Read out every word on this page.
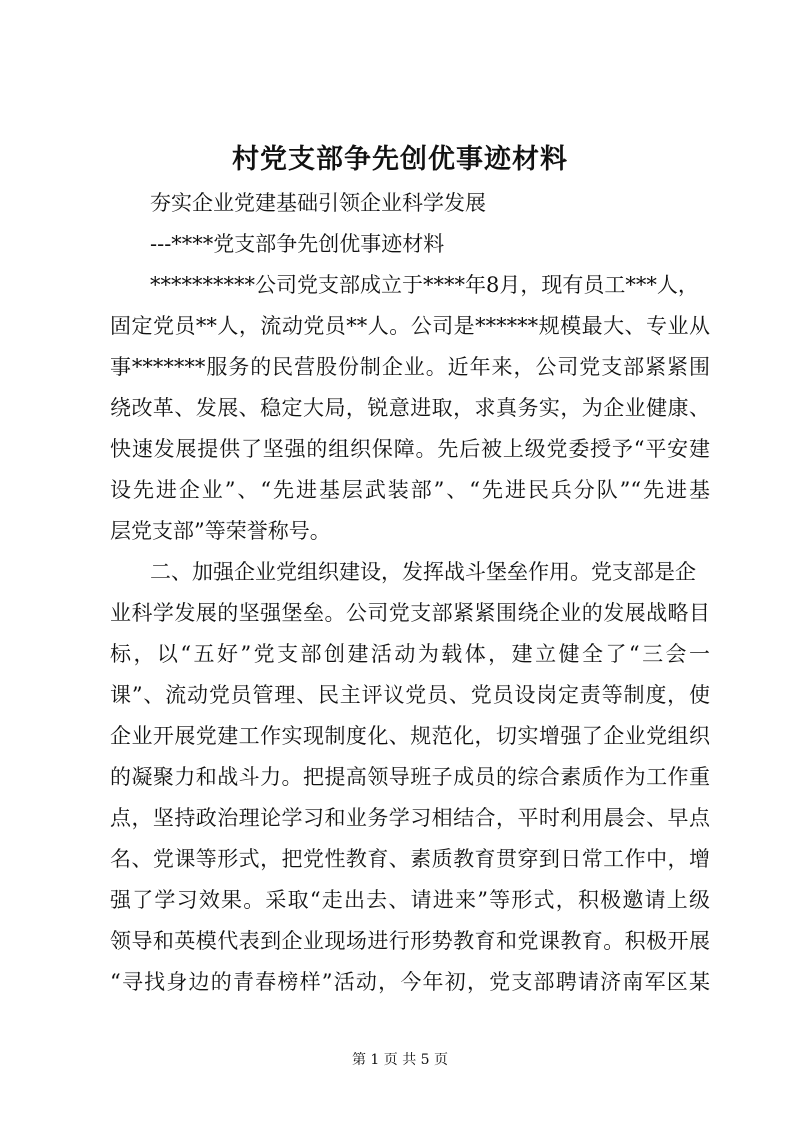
村党支部争先创优事迹材料

夯实企业党建基础引领企业科学发展

---****党支部争先创优事迹材料

**********公司党支部成立于****年8月，现有员工***人，

固定党员**人，流动党员**人。公司是******规模最大、专业从

事*******服务的民营股份制企业。近年来，公司党支部紧紧围

绕改革、发展、稳定大局，锐意进取，求真务实，为企业健康、

快速发展提供了坚强的组织保障。先后被上级党委授予“平安建

设先进企业”、“先进基层武装部”、“先进民兵分队”“先进基

层党支部”等荣誉称号。

二、加强企业党组织建设，发挥战斗堡垒作用。党支部是企

业科学发展的坚强堡垒。公司党支部紧紧围绕企业的发展战略目

标，以“五好”党支部创建活动为载体，建立健全了“三会一

课”、流动党员管理、民主评议党员、党员设岗定责等制度，使

企业开展党建工作实现制度化、规范化，切实增强了企业党组织

的凝聚力和战斗力。把提高领导班子成员的综合素质作为工作重

点，坚持政治理论学习和业务学习相结合，平时利用晨会、早点

名、党课等形式，把党性教育、素质教育贯穿到日常工作中，增

强了学习效果。采取“走出去、请进来”等形式，积极邀请上级

领导和英模代表到企业现场进行形势教育和党课教育。积极开展

“寻找身边的青春榜样”活动，今年初，党支部聘请济南军区某

第 1 页 共 5 页
